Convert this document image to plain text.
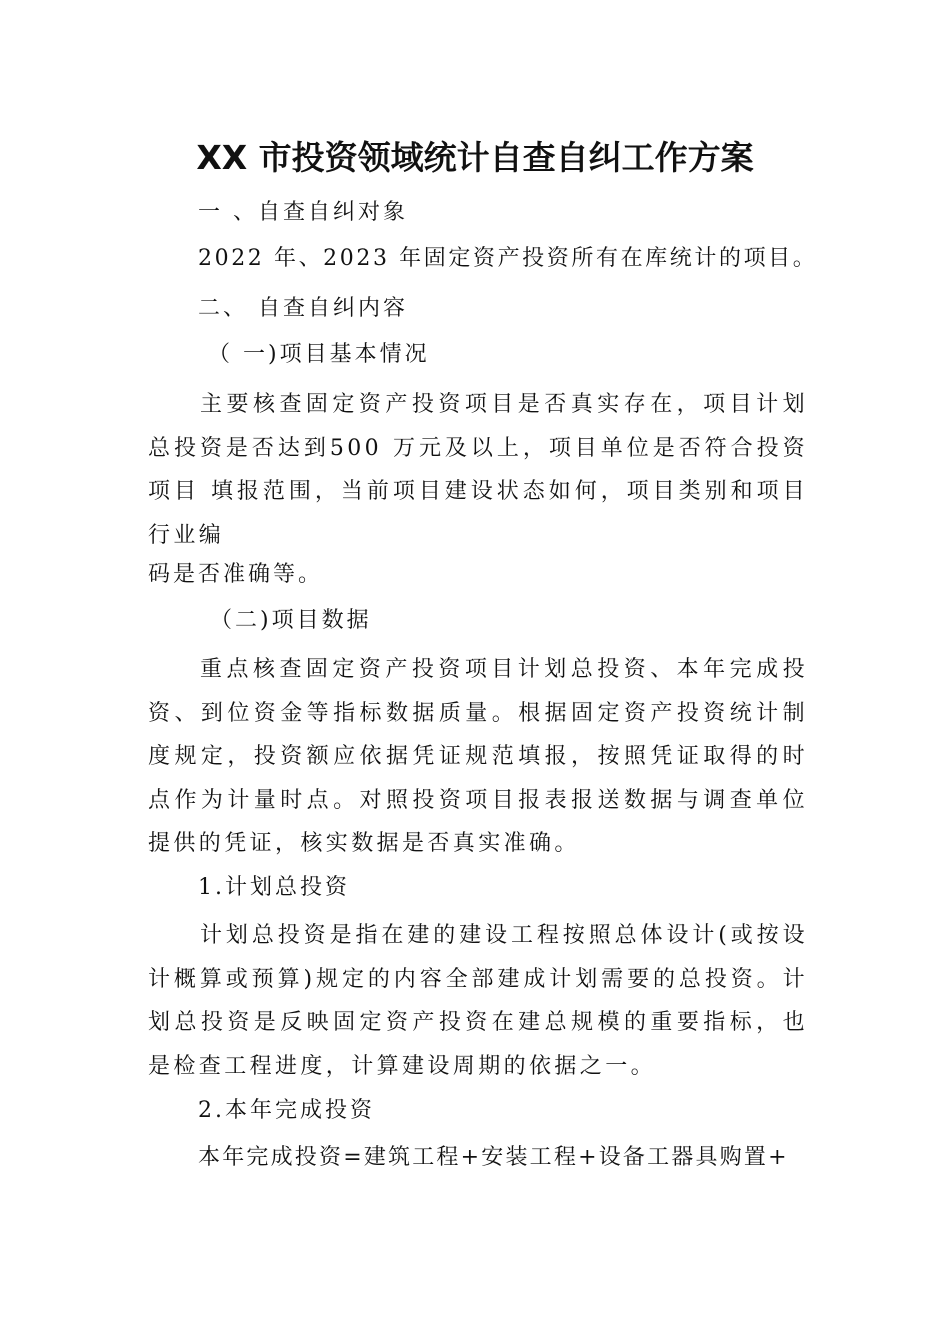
XX 市投资领域统计自查自纠工作方案
一 、自查自纠对象
2022 年、2023 年固定资产投资所有在库统计的项目。
二、 自查自纠内容
（ 一)项目基本情况
主要核查固定资产投资项目是否真实存在，项目计划总投资是否达到500 万元及以上，项目单位是否符合投资项目 填报范围，当前项目建设状态如何，项目类别和项目行业编
码是否准确等。
（二)项目数据
重点核查固定资产投资项目计划总投资、本年完成投资、到位资金等指标数据质量。根据固定资产投资统计制度规定，投资额应依据凭证规范填报，按照凭证取得的时点作为计量时点。对照投资项目报表报送数据与调查单位提供的凭证，核实数据是否真实准确。
1.计划总投资
计划总投资是指在建的建设工程按照总体设计(或按设计概算或预算)规定的内容全部建成计划需要的总投资。计划总投资是反映固定资产投资在建总规模的重要指标，也是检查工程进度，计算建设周期的依据之一。
2.本年完成投资
本年完成投资=建筑工程+安装工程+设备工器具购置+
